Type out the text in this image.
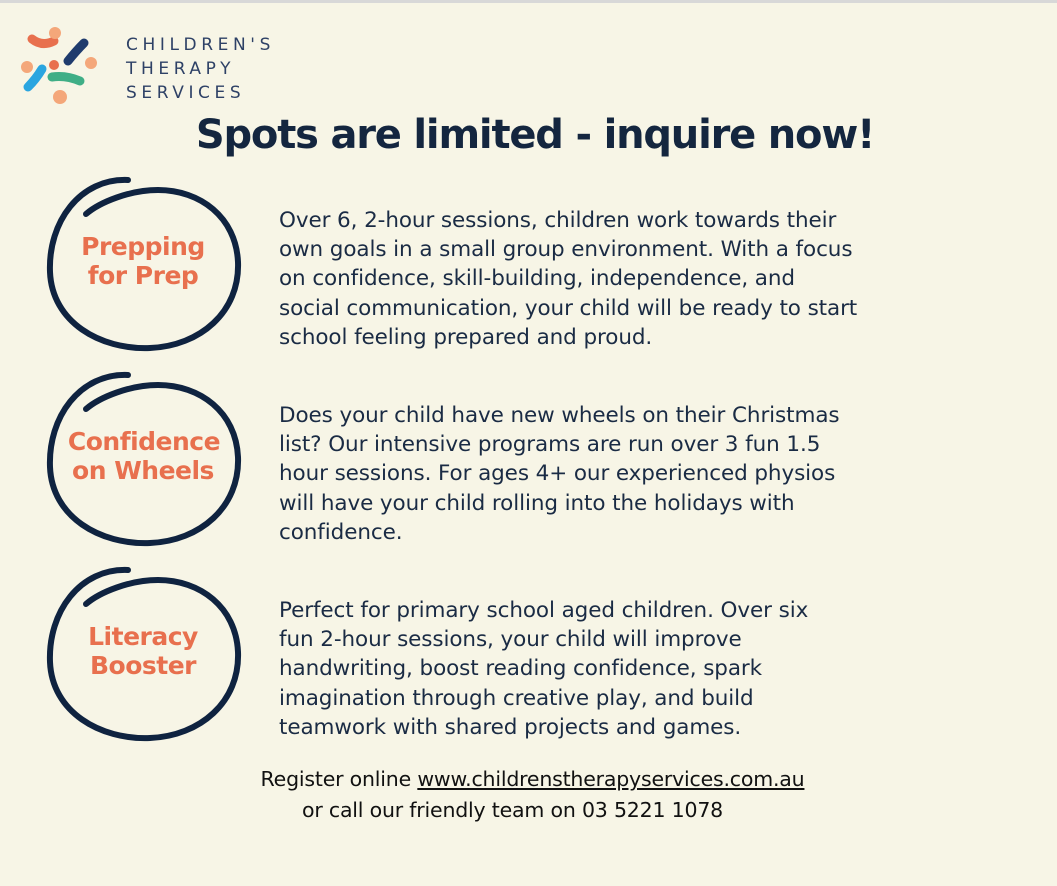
CHILDREN'S
THERAPY
SERVICES
Spots are limited - inquire now!
Prepping
for Prep
Over 6, 2-hour sessions, children work towards their
own goals in a small group environment. With a focus
on confidence, skill-building, independence, and
social communication, your child will be ready to start
school feeling prepared and proud.
Confidence
on Wheels
Does your child have new wheels on their Christmas
list? Our intensive programs are run over 3 fun 1.5
hour sessions. For ages 4+ our experienced physios
will have your child rolling into the holidays with
confidence.
Literacy
Booster
Perfect for primary school aged children. Over six
fun 2-hour sessions, your child will improve
handwriting, boost reading confidence, spark
imagination through creative play, and build
teamwork with shared projects and games.
Register online www.childrenstherapyservices.com.au
or call our friendly team on 03 5221 1078
